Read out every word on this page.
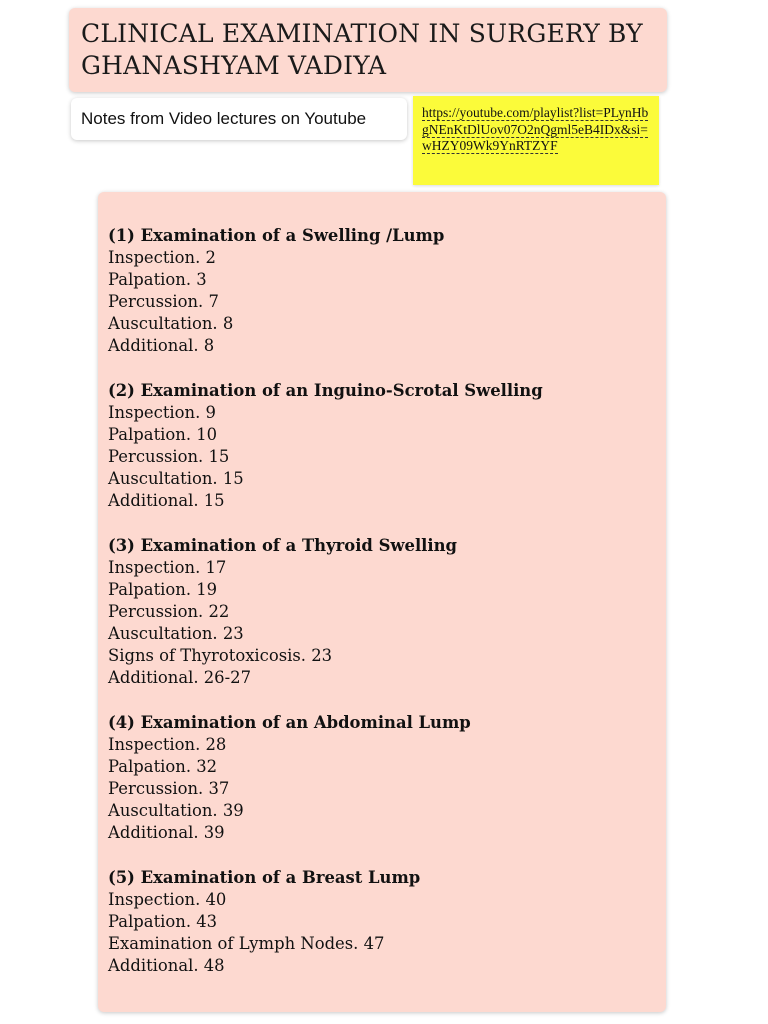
CLINICAL EXAMINATION IN SURGERY BY GHANASHYAM VADIYA
Notes from Video lectures on Youtube	https://youtube.com/playlist?list=PLynHbgNEnKtDlUov07O2nQgml5eB4IDx&si=wHZY09Wk9YnRTZYF
(1) Examination of a Swelling /Lump
Inspection. 2
Palpation. 3
Percussion. 7
Auscultation. 8
Additional. 8
(2) Examination of an Inguino-Scrotal Swelling
Inspection. 9
Palpation. 10
Percussion. 15
Auscultation. 15
Additional. 15
(3) Examination of a Thyroid Swelling
Inspection. 17
Palpation. 19
Percussion. 22
Auscultation. 23
Signs of Thyrotoxicosis. 23
Additional. 26-27
(4) Examination of an Abdominal Lump
Inspection. 28
Palpation. 32
Percussion. 37
Auscultation. 39
Additional. 39
(5) Examination of a Breast Lump
Inspection. 40
Palpation. 43
Examination of Lymph Nodes. 47
Additional. 48
